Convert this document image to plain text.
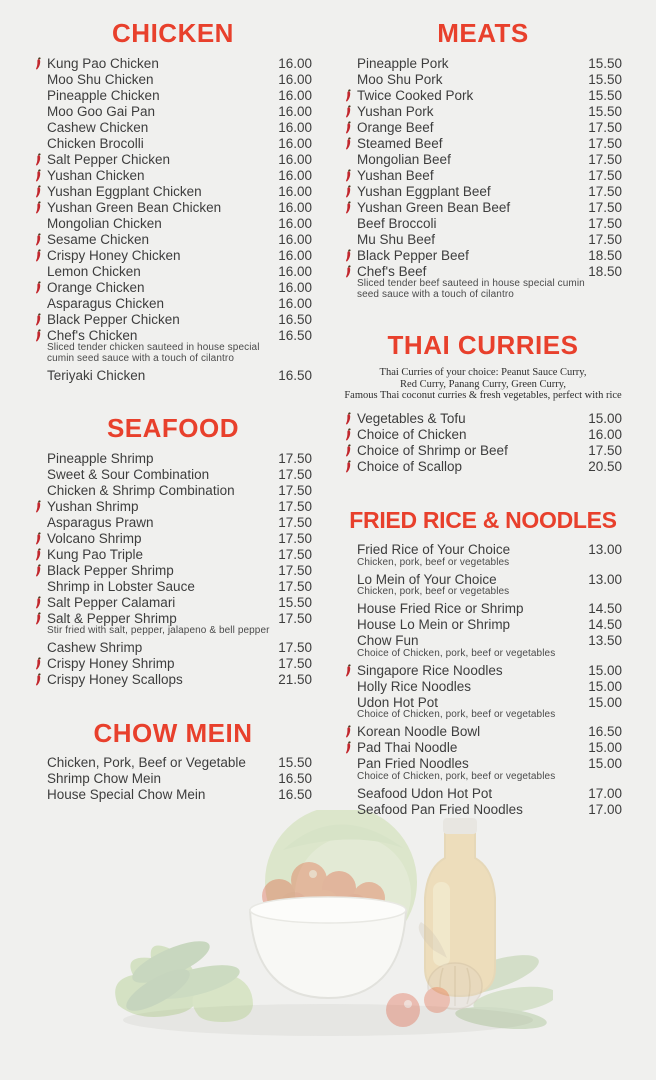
CHICKEN
Kung Pao Chicken	16.00
Moo Shu Chicken	16.00
Pineapple Chicken	16.00
Moo Goo Gai Pan	16.00
Cashew Chicken	16.00
Chicken Brocolli	16.00
Salt Pepper Chicken	16.00
Yushan Chicken	16.00
Yushan Eggplant Chicken	16.00
Yushan Green Bean Chicken	16.00
Mongolian Chicken	16.00
Sesame Chicken	16.00
Crispy Honey Chicken	16.00
Lemon Chicken	16.00
Orange Chicken	16.00
Asparagus Chicken	16.00
Black Pepper Chicken	16.50
Chef's Chicken	16.50
Sliced tender chicken sauteed in house special cumin seed sauce with a touch of cilantro
Teriyaki Chicken	16.50
SEAFOOD
Pineapple Shrimp	17.50
Sweet & Sour Combination	17.50
Chicken & Shrimp Combination	17.50
Yushan Shrimp	17.50
Asparagus Prawn	17.50
Volcano Shrimp	17.50
Kung Pao Triple	17.50
Black Pepper Shrimp	17.50
Shrimp in Lobster Sauce	17.50
Salt Pepper Calamari	15.50
Salt & Pepper Shrimp	17.50
Stir fried with salt, pepper, jalapeno & bell pepper
Cashew Shrimp	17.50
Crispy Honey Shrimp	17.50
Crispy Honey Scallops	21.50
CHOW MEIN
Chicken, Pork, Beef or Vegetable	15.50
Shrimp Chow Mein	16.50
House Special Chow Mein	16.50
MEATS
Pineapple Pork	15.50
Moo Shu Pork	15.50
Twice Cooked Pork	15.50
Yushan Pork	15.50
Orange Beef	17.50
Steamed Beef	17.50
Mongolian Beef	17.50
Yushan Beef	17.50
Yushan Eggplant Beef	17.50
Yushan Green Bean Beef	17.50
Beef Broccoli	17.50
Mu Shu Beef	17.50
Black Pepper Beef	18.50
Chef's Beef	18.50
Sliced tender beef sauteed in house special cumin seed sauce with a touch of cilantro
THAI CURRIES
Thai Curries of your choice: Peanut Sauce Curry,
Red Curry, Panang Curry, Green Curry,
Famous Thai coconut curries & fresh vegetables, perfect with rice
Vegetables & Tofu	15.00
Choice of Chicken	16.00
Choice of Shrimp or Beef	17.50
Choice of Scallop	20.50
FRIED RICE & NOODLES
Fried Rice of Your Choice	13.00
Chicken, pork, beef or vegetables
Lo Mein of Your Choice	13.00
Chicken, pork, beef or vegetables
House Fried Rice or Shrimp	14.50
House Lo Mein or Shrimp	14.50
Chow Fun	13.50
Choice of Chicken, pork, beef or vegetables
Singapore Rice Noodles	15.00
Holly Rice Noodles	15.00
Udon Hot Pot	15.00
Choice of Chicken, pork, beef or vegetables
Korean Noodle Bowl	16.50
Pad Thai Noodle	15.00
Pan Fried Noodles	15.00
Choice of Chicken, pork, beef or vegetables
Seafood Udon Hot Pot	17.00
Seafood Pan Fried Noodles	17.00
